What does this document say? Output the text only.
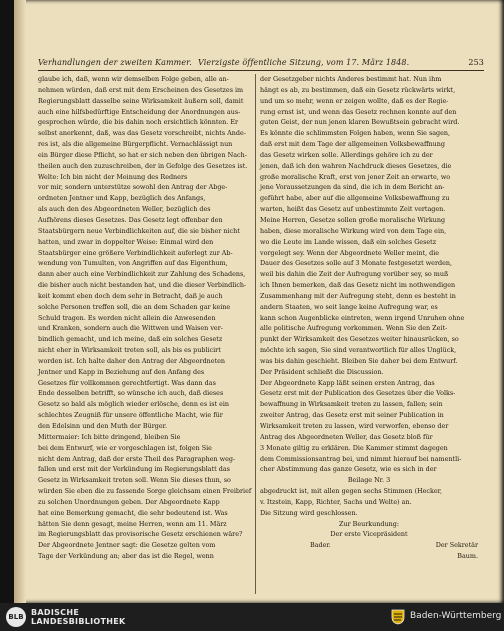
Verhandlungen der zweiten Kammer. Vierzigste öffentliche Sitzung, vom 17. März 1848.	253

glaube ich, daß, wenn wir demselben Folge geben, alle an-

nehmen würden, daß erst mit dem Erscheinen des Gesetzes im

Regierungsblatt dasselbe seine Wirksamkeit äußern soll, damit

auch eine hilfsbedürftige Entscheidung der Anordnungen aus-

gesprochen würde, die bis dahin noch ersichtlich könnten. Er

selbst anerkennt, daß, was das Gesetz vorschreibt, nichts Ande-

res ist, als die allgemeine Bürgerpflicht. Vernachlässigt nun

ein Bürger diese Pflicht, so hat er sich neben den übrigen Nach-

theilen auch den zuzuschreiben, der in Gefolge des Gesetzes ist.

Welte: Ich bin nicht der Meinung des Redners

vor mir, sondern unterstütze sowohl den Antrag der Abge-

ordneten Jentner und Kapp, bezüglich des Anfangs,

als auch den des Abgeordneten Weller, bezüglich des

Aufhörens dieses Gesetzes. Das Gesetz legt offenbar den

Staatsbürgern neue Verbindlichkeiten auf, die sie bisher nicht

hatten, und zwar in doppelter Weise: Einmal wird den

Staatsbürger eine größere Verbindlichkeit auferlegt zur Ab-

wendung von Tumulten, von Angriffen auf das Eigenthum,

dann aber auch eine Verbindlichkeit zur Zahlung des Schadens,

die bisher auch nicht bestanden hat, und die dieser Verbindlich-

keit kommt eben doch dem sehr in Betracht, daß je auch

solche Personen treffen soll, die an dem Schaden gar keine

Schuld tragen. Es werden nicht allein die Anwesenden

und Kranken, sondern auch die Wittwen und Waisen ver-

bindlich gemacht, und ich meine, daß ein solches Gesetz

nicht eher in Wirksamkeit treten soll, als bis es publicirt

worden ist. Ich halte daher den Antrag der Abgeordneten

Jentner und Kapp in Beziehung auf den Anfang des

Gesetzes für vollkommen gerechtfertigt. Was dann das

Ende desselben betrifft, so wünsche ich auch, daß dieses

Gesetz so bald als möglich wieder erlösche, denn es ist ein

schlechtes Zeugniß für unsere öffentliche Macht, wie für

den Edelsinn und den Muth der Bürger.

Mittermaier: Ich bitte dringend, bleiben Sie

bei dem Entwurf, wie er vorgeschlagen ist, folgen Sie

nicht dem Antrag, daß der erste Theil des Paragraphen weg-

fallen und erst mit der Verkündung im Regierungsblatt das

Gesetz in Wirksamkeit treten soll. Wenn Sie dieses thun, so

würden Sie eben die zu fassende Sorge gleichsam einen Freibrief

zu solchen Unordnungen geben. Der Abgeordnete Kapp

hat eine Bemerkung gemacht, die sehr bedeutend ist. Was

hätten Sie denn gesagt, meine Herren, wenn am 11. März

im Regierungsblatt das provisorische Gesetz erschienen wäre?

Der Abgeordnete Jentner sagt: die Gesetze gelten vom

Tage der Verkündung an; aber das ist die Regel, wenn

der Gesetzgeber nichts Anderes bestimmt hat. Nun ihm

hängt es ab, zu bestimmen, daß ein Gesetz rückwärts wirkt,

und um so mehr, wenn er zeigen wollte, daß es der Regie-

rung ernst ist, und wenn das Gesetz rechnen konnte auf den

guten Geist, der nun jenen klaren Bewußtsein gebracht wird.

Es könnte die schlimmsten Folgen haben, wenn Sie sagen,

daß erst mit dem Tage der allgemeinen Volksbewaffnung

das Gesetz wirken solle. Allerdings gehöre ich zu der

jenen, daß ich den wahren Nachdruck dieses Gesetzes, die

große moralische Kraft, erst von jener Zeit an erwarte, wo

jene Voraussetzungen da sind, die ich in dem Bericht an-

geführt habe, aber auf die allgemeine Volksbewaffnung zu

warten, heißt das Gesetz auf unbestimmte Zeit vertagen.

Meine Herren, Gesetze sollen große moralische Wirkung

haben, diese moralische Wirkung wird von dem Tage ein,

wo die Leute im Lande wissen, daß ein solches Gesetz

vorgelegt sey. Wenn der Abgeordnete Weller meint, die

Dauer des Gesetzes solle auf 3 Monate festgesetzt werden,

weil bis dahin die Zeit der Aufregung vorüber sey, so muß

ich Ihnen bemerken, daß das Gesetz nicht im nothwendigen

Zusammenhang mit der Aufregung steht, denn es besteht in

andern Staaten, wo seit lange keine Aufregung war, es

kann schon Augenblicke eintreten, wenn irgend Unruhen ohne

alle politische Aufregung vorkommen. Wenn Sie den Zeit-

punkt der Wirksamkeit des Gesetzes weiter hinausrücken, so

möchte ich sagen, Sie sind verantwortlich für alles Unglück,

was bis dahin geschieht. Bleiben Sie daher bei dem Entwurf.

Der Präsident schließt die Discussion.

Der Abgeordnete Kapp läßt seinen ersten Antrag, das

Gesetz erst mit der Publication des Gesetzes über die Volks-

bewaffnung in Wirksamkeit treten zu lassen, fallen; sein

zweiter Antrag, das Gesetz erst mit seiner Publication in

Wirksamkeit treten zu lassen, wird verworfen, ebenso der

Antrag des Abgeordneten Weller, das Gesetz bloß für

3 Monate giltig zu erklären. Die Kammer stimmt dagegen

dem Commissionsantrag bei, und nimmt hierauf bei namentli-

cher Abstimmung das ganze Gesetz, wie es sich in der

Beilage Nr. 3

abgedruckt ist, mit allen gegen sechs Stimmen (Hecker,

v. Itzstein, Kapp, Richter, Sachs und Welte) an.

Die Sitzung wird geschlossen.

Zur Beurkundung:

Der erste Vicepräsident

Bader.	Der Sekretär

Baum.

BLB BADISCHE
LANDESBIBLIOTHEK
Baden-Württemberg
